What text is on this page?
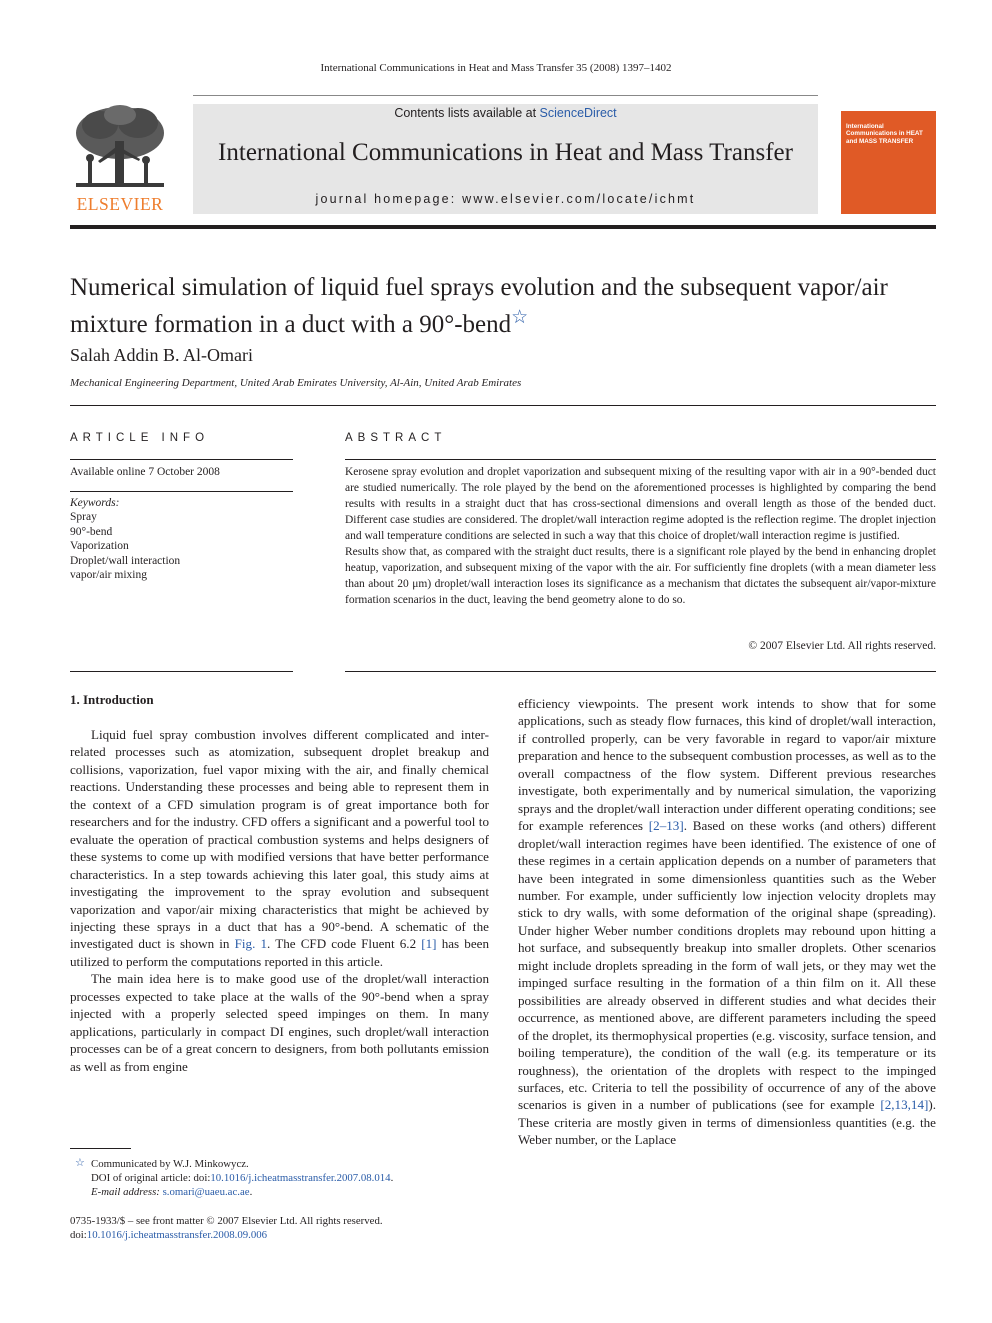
International Communications in Heat and Mass Transfer 35 (2008) 1397–1402
ELSEVIER
Contents lists available at ScienceDirect
International Communications in Heat and Mass Transfer
journal homepage: www.elsevier.com/locate/ichmt
International Communications in HEAT and MASS TRANSFER
Numerical simulation of liquid fuel sprays evolution and the subsequent vapor/air mixture formation in a duct with a 90°-bend☆
Salah Addin B. Al-Omari
Mechanical Engineering Department, United Arab Emirates University, Al-Ain, United Arab Emirates
ARTICLE INFO
Available online 7 October 2008
Keywords:
Spray
90°-bend
Vaporization
Droplet/wall interaction
vapor/air mixing
ABSTRACT

Kerosene spray evolution and droplet vaporization and subsequent mixing of the resulting vapor with air in a 90°-bended duct are studied numerically. The role played by the bend on the aforementioned processes is highlighted by comparing the bend results with results in a straight duct that has cross-sectional dimensions and overall length as those of the bended duct. Different case studies are considered. The droplet/wall interaction regime adopted is the reflection regime. The droplet injection and wall temperature conditions are selected in such a way that this choice of droplet/wall interaction regime is justified.

Results show that, as compared with the straight duct results, there is a significant role played by the bend in enhancing droplet heatup, vaporization, and subsequent mixing of the vapor with the air. For sufficiently fine droplets (with a mean diameter less than about 20 μm) droplet/wall interaction loses its significance as a mechanism that dictates the subsequent air/vapor-mixture formation scenarios in the duct, leaving the bend geometry alone to do so.

© 2007 Elsevier Ltd. All rights reserved.
1. Introduction

Liquid fuel spray combustion involves different complicated and inter-related processes such as atomization, subsequent droplet breakup and collisions, vaporization, fuel vapor mixing with the air, and finally chemical reactions. Understanding these processes and being able to represent them in the context of a CFD simulation program is of great importance both for researchers and for the industry. CFD offers a significant and a powerful tool to evaluate the operation of practical combustion systems and helps designers of these systems to come up with modified versions that have better performance characteristics. In a step towards achieving this later goal, this study aims at investigating the improvement to the spray evolution and subsequent vaporization and vapor/air mixing characteristics that might be achieved by injecting these sprays in a duct that has a 90°-bend. A schematic of the investigated duct is shown in Fig. 1. The CFD code Fluent 6.2 [1] has been utilized to perform the computations reported in this article.

The main idea here is to make good use of the droplet/wall interaction processes expected to take place at the walls of the 90°-bend when a spray injected with a properly selected speed impinges on them. In many applications, particularly in compact DI engines, such droplet/wall interaction processes can be of a great concern to designers, from both pollutants emission as well as from engine

efficiency viewpoints. The present work intends to show that for some applications, such as steady flow furnaces, this kind of droplet/wall interaction, if controlled properly, can be very favorable in regard to vapor/air mixture preparation and hence to the subsequent combustion processes, as well as to the overall compactness of the flow system. Different previous researches investigate, both experimentally and by numerical simulation, the vaporizing sprays and the droplet/wall interaction under different operating conditions; see for example references [2–13]. Based on these works (and others) different droplet/wall interaction regimes have been identified. The existence of one of these regimes in a certain application depends on a number of parameters that have been integrated in some dimensionless quantities such as the Weber number. For example, under sufficiently low injection velocity droplets may stick to dry walls, with some deformation of the original shape (spreading). Under higher Weber number conditions droplets may rebound upon hitting a hot surface, and subsequently breakup into smaller droplets. Other scenarios might include droplets spreading in the form of wall jets, or they may wet the impinged surface resulting in the formation of a thin film on it. All these possibilities are already observed in different studies and what decides their occurrence, as mentioned above, are different parameters including the speed of the droplet, its thermophysical properties (e.g. viscosity, surface tension, and boiling temperature), the condition of the wall (e.g. its temperature or its roughness), the orientation of the droplets with respect to the impinged surfaces, etc. Criteria to tell the possibility of occurrence of any of the above scenarios is given in a number of publications (see for example [2,13,14]). These criteria are mostly given in terms of dimensionless quantities (e.g. the Weber number, or the Laplace

☆ Communicated by W.J. Minkowycz.
DOI of original article: doi:10.1016/j.icheatmasstransfer.2007.08.014.
E-mail address: s.omari@uaeu.ac.ae.
0735-1933/$ – see front matter © 2007 Elsevier Ltd. All rights reserved.
doi:10.1016/j.icheatmasstransfer.2008.09.006
